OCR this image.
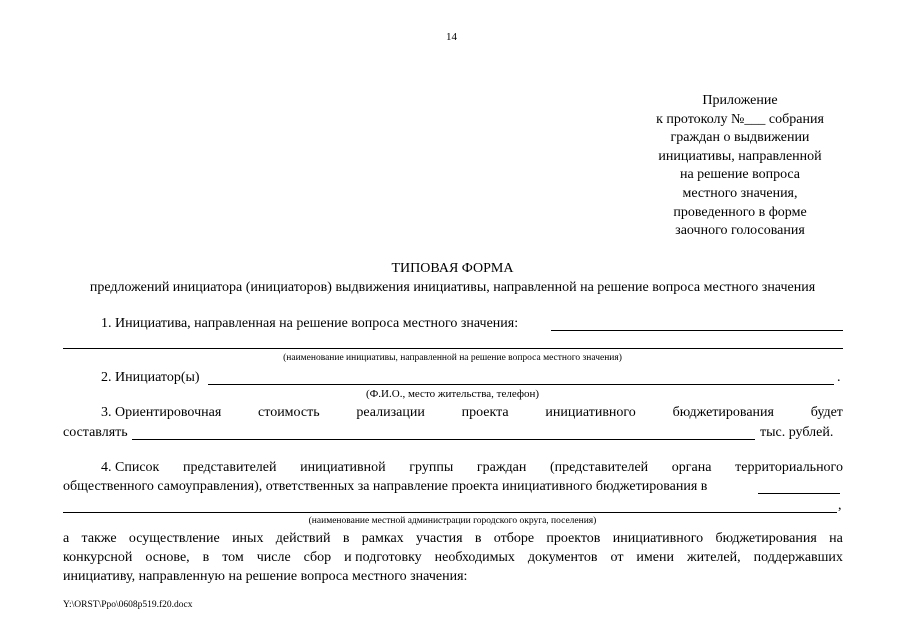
14
Приложение
к протоколу №___ собрания
граждан о выдвижении
инициативы, направленной
на решение вопроса
местного значения,
проведенного в форме
заочного голосования
ТИПОВАЯ ФОРМА
предложений инициатора (инициаторов) выдвижения инициативы, направленной на решение вопроса местного значения
1. Инициатива, направленная на решение вопроса местного значения:
(наименование инициативы, направленной на решение вопроса местного значения)
2. Инициатор(ы)	.
(Ф.И.О., место жительства, телефон)
3. Ориентировочная	стоимость	реализации	проекта	инициативного	бюджетирования	будет
составлять	тыс. рублей.
4. Список представителей инициативной группы граждан (представителей органа территориального
общественного самоуправления), ответственных за направление проекта инициативного бюджетирования в
,
(наименование местной администрации городского округа, поселения)
а также осуществление иных действий в рамках участия в отборе проектов инициативного бюджетирования на
конкурсной основе, в том числе сбор и подготовку необходимых документов от имени жителей, поддержавших
инициативу, направленную на решение вопроса местного значения:
Y:\ORST\Ppo\0608p519.f20.docx
